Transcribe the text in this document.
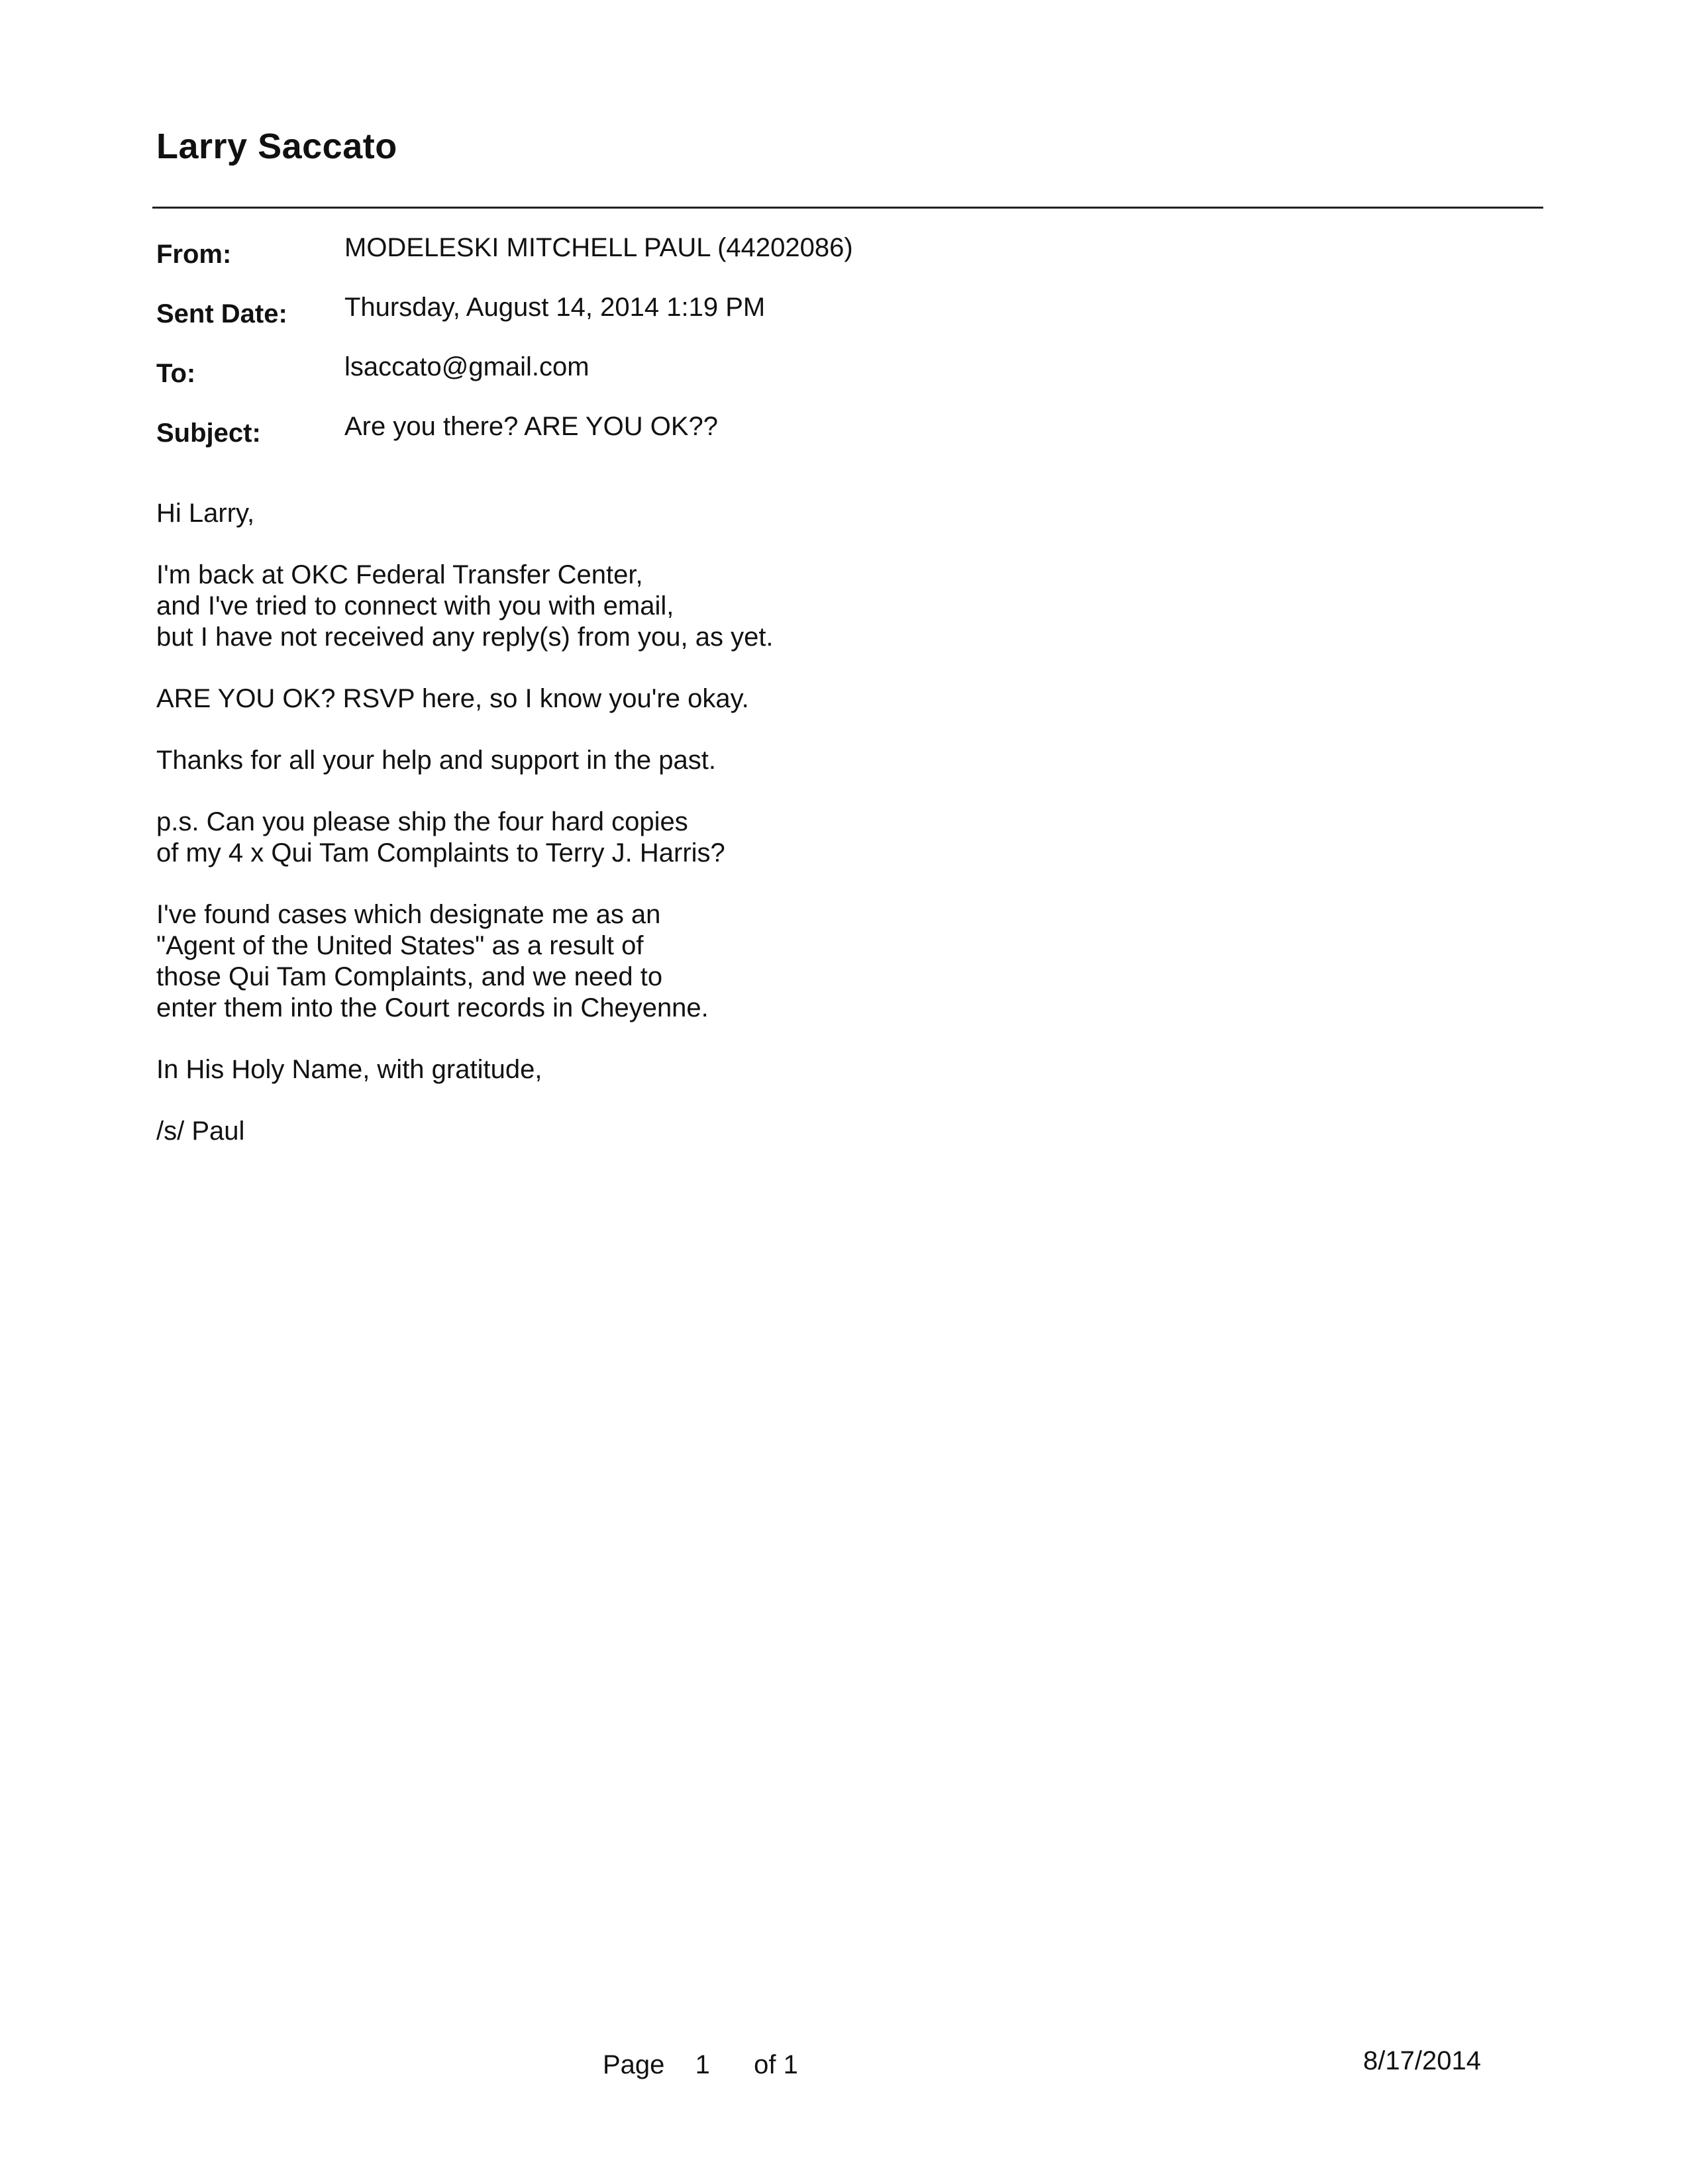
Larry Saccato
From:	MODELESKI MITCHELL PAUL (44202086)
Sent Date:	Thursday, August 14, 2014 1:19 PM
To:	lsaccato@gmail.com
Subject:	Are you there? ARE YOU OK??

Hi Larry,

I'm back at OKC Federal Transfer Center,
and I've tried to connect with you with email,
but I have not received any reply(s) from you, as yet.

ARE YOU OK? RSVP here, so I know you're okay.

Thanks for all your help and support in the past.

p.s. Can you please ship the four hard copies
of my 4 x Qui Tam Complaints to Terry J. Harris?

I've found cases which designate me as an
"Agent of the United States" as a result of
those Qui Tam Complaints, and we need to
enter them into the Court records in Cheyenne.

In His Holy Name, with gratitude,

/s/ Paul

Page 1 of 1	8/17/2014
